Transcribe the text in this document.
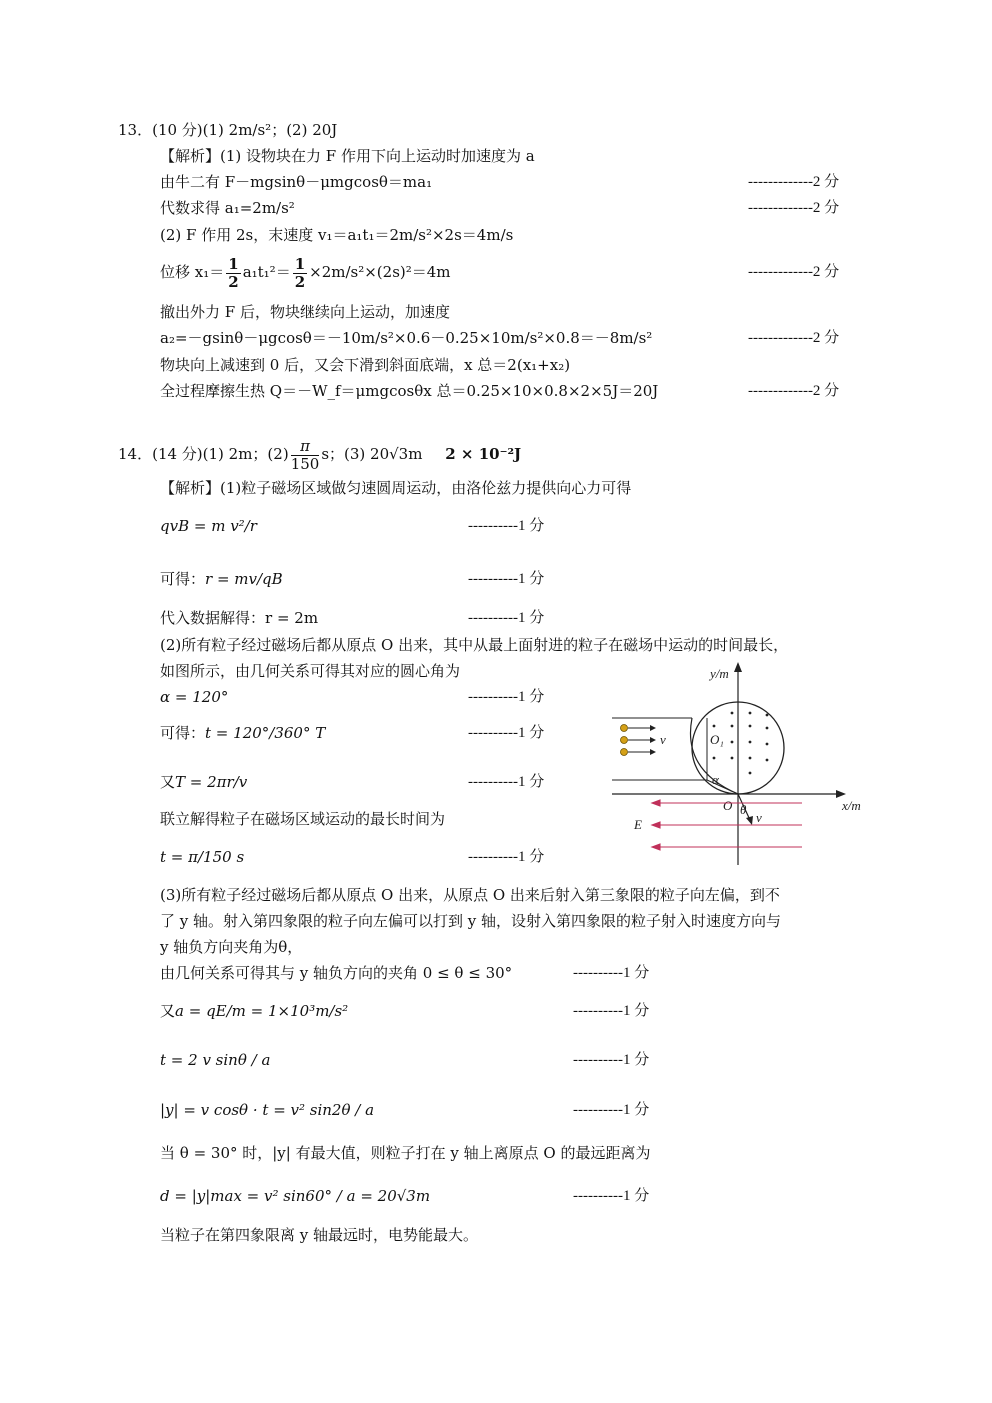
13．(10 分)(1) 2m/s²；(2) 20J
【解析】(1) 设物块在力 F 作用下向上运动时加速度为 a
由牛二有 F－mgsinθ－μmgcosθ＝ma₁	-------------2 分
代数求得 a₁=2m/s²	-------------2 分
(2) F 作用 2s，末速度 v₁＝a₁t₁＝2m/s²×2s＝4m/s
位移 $x_1= \frac{1}{2} a_1t_1^2= \frac{1}{2} \times 2m/s^2\times(2s)^2=4m$	-------------2 分
撤出外力 F 后，物块继续向上运动，加速度
a₂=－gsinθ－μgcosθ＝－10m/s²×0.6－0.25×10m/s²×0.8＝－8m/s²	-------------2 分
物块向上减速到 0 后，又会下滑到斜面底端，x 总＝2(x₁+x₂)
全过程摩擦生热 Q＝－W_f＝μmgcosθx 总＝0.25×10×0.8×2×5J＝20J	-------------2 分
14．(14 分)(1) 2m；$(2) \frac{\pi}{150}$ s；(3) 20√3m 2 × 10⁻²J
【解析】(1)粒子磁场区域做匀速圆周运动，由洛伦兹力提供向心力可得
qvB = m v²/r	----------1 分
可得：r = mv/qB	----------1 分
代入数据解得：r = 2m	----------1 分
(2)所有粒子经过磁场后都从原点 O 出来，其中从最上面射进的粒子在磁场中运动的时间最长，
如图所示，由几何关系可得其对应的圆心角为
α = 120°	----------1 分
可得：t = 120°/360° T	----------1 分
又T = 2πr/v	----------1 分
联立解得粒子在磁场区域运动的最长时间为
t = π/150 s	----------1 分
(3)所有粒子经过磁场后都从原点 O 出来，从原点 O 出来后射入第三象限的粒子向左偏，到不
了 y 轴。射入第四象限的粒子向左偏可以打到 y 轴，设射入第四象限的粒子射入时速度方向与
y 轴负方向夹角为θ，
由几何关系可得其与 y 轴负方向的夹角 0 ≤ θ ≤ 30°	----------1 分
又a = qE/m = 1×10³m/s²	----------1 分
t = 2 v sinθ / a	----------1 分
|y| = v cosθ · t = v² sin2θ / a	----------1 分
当 θ = 30° 时，|y| 有最大值，则粒子打在 y 轴上离原点 O 的最远距离为
d = |y|max = v² sin60° / a = 20√3m	----------1 分
当粒子在第四象限离 y 轴最远时，电势能最大。
y/m
x/m
O
O₁
α
v
θ
v
E
